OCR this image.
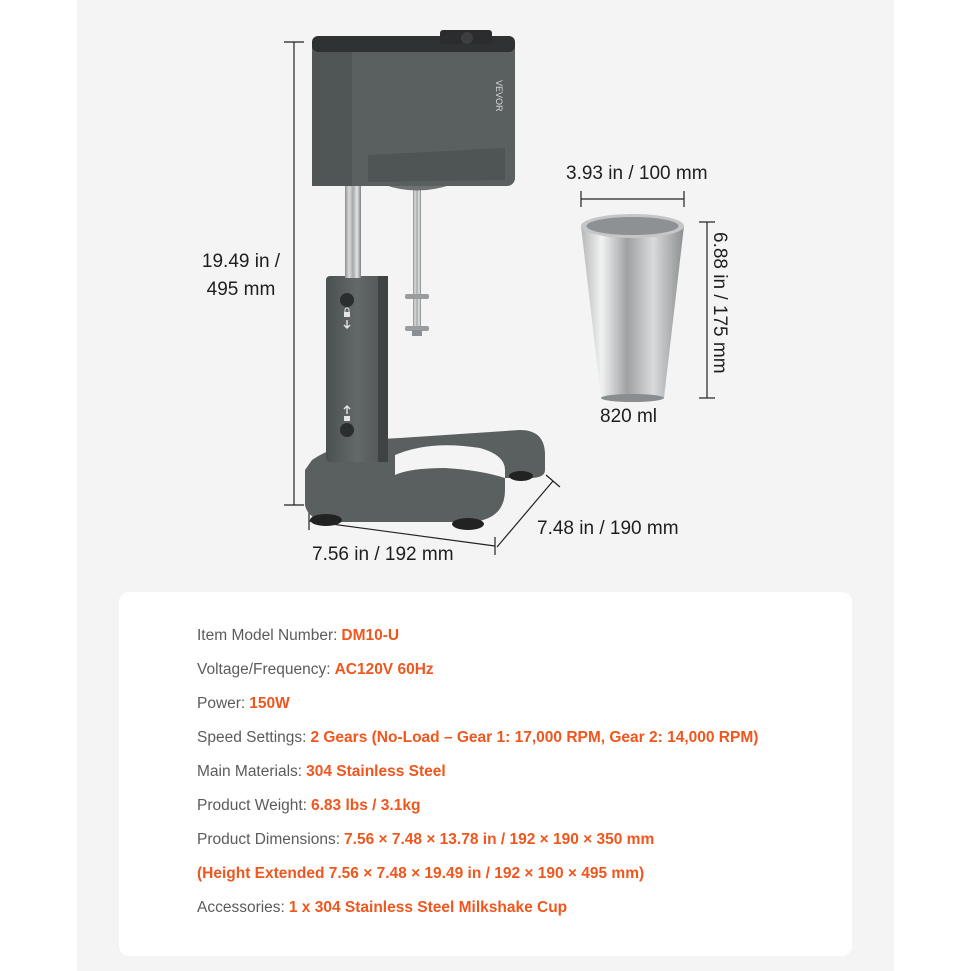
VEVOR
19.49 in /
495 mm
7.56 in / 192 mm
7.48 in / 190 mm
3.93 in / 100 mm
6.88 in / 175 mm
820 ml
Item Model Number: DM10-U
Voltage/Frequency: AC120V 60Hz
Power: 150W
Speed Settings: 2 Gears (No-Load – Gear 1: 17,000 RPM, Gear 2: 14,000 RPM)
Main Materials: 304 Stainless Steel
Product Weight: 6.83 lbs / 3.1kg
Product Dimensions: 7.56 × 7.48 × 13.78 in / 192 × 190 × 350 mm
(Height Extended 7.56 × 7.48 × 19.49 in / 192 × 190 × 495 mm)
Accessories: 1 x 304 Stainless Steel Milkshake Cup
